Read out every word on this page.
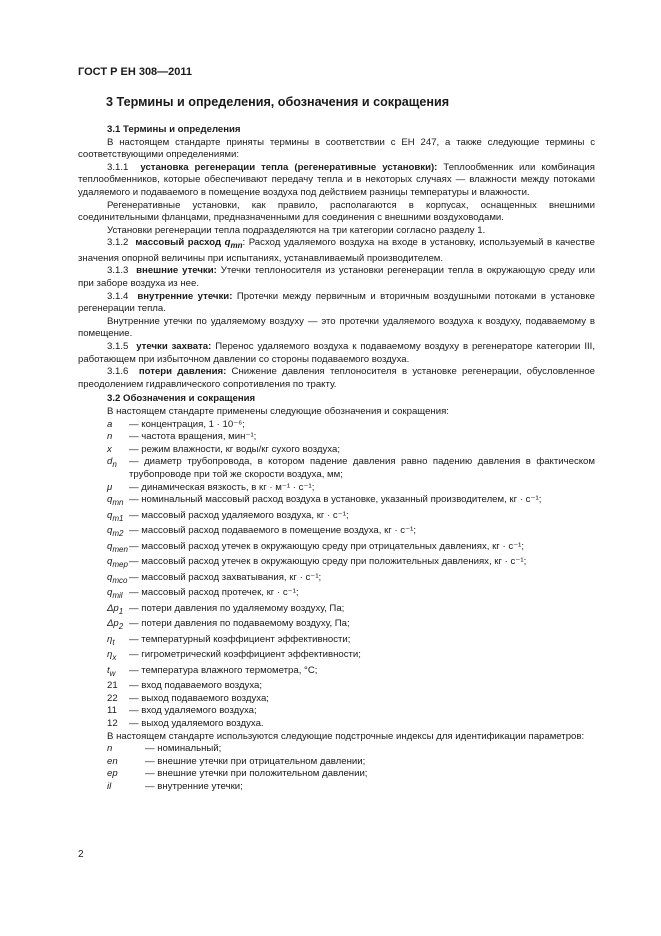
ГОСТ Р ЕН 308—2011
3 Термины и определения, обозначения и сокращения
3.1 Термины и определения

В настоящем стандарте приняты термины в соответствии с ЕН 247, а также следующие термины с соответствующими определениями:

3.1.1 установка регенерации тепла (регенеративные установки): Теплообменник или комбинация теплообменников, которые обеспечивают передачу тепла и в некоторых случаях — влажности между потоками удаляемого и подаваемого в помещение воздуха под действием разницы температуры и влажности.

Регенеративные установки, как правило, располагаются в корпусах, оснащенных внешними соединительными фланцами, предназначенными для соединения с внешними воздуховодами.

Установки регенерации тепла подразделяются на три категории согласно разделу 1.

3.1.2 массовый расход $q_{mn}$: Расход удаляемого воздуха на входе в установку, используемый в качестве значения опорной величины при испытаниях, устанавливаемый производителем.

3.1.3 внешние утечки: Утечки теплоносителя из установки регенерации тепла в окружающую среду или при заборе воздуха из нее.

3.1.4 внутренние утечки: Протечки между первичным и вторичным воздушными потоками в установке регенерации тепла.

Внутренние утечки по удаляемому воздуху — это протечки удаляемого воздуха к воздуху, подаваемому в помещение.

3.1.5 утечки захвата: Перенос удаляемого воздуха к подаваемому воздуху в регенераторе категории III, работающем при избыточном давлении со стороны подаваемого воздуха.

3.1.6 потери давления: Снижение давления теплоносителя в установке регенерации, обусловленное преодолением гидравлического сопротивления по тракту.

3.2 Обозначения и сокращения

В настоящем стандарте применены следующие обозначения и сокращения:

a	— концентрация, 1 · 10⁻⁶;
n	— частота вращения, мин⁻¹;
x	— режим влажности, кг воды/кг сухого воздуха;
$d_n$	— диаметр трубопровода, в котором падение давления равно падению давления в фактическом трубопроводе при той же скорости воздуха, мм;
μ	— динамическая вязкость, в кг · м⁻¹ · с⁻¹;
$q_{mn}$ — номинальный массовый расход воздуха в установке, указанный производителем, кг · с⁻¹;
$q_{m1}$ — массовый расход удаляемого воздуха, кг · с⁻¹;
$q_{m2}$ — массовый расход подаваемого в помещение воздуха, кг · с⁻¹;
$q_{men}$ — массовый расход утечек в окружающую среду при отрицательных давлениях, кг · с⁻¹;
$q_{mep}$ — массовый расход утечек в окружающую среду при положительных давлениях, кг · с⁻¹;
$q_{mco}$ — массовый расход захватывания, кг · с⁻¹;
$q_{mil}$ — массовый расход протечек, кг · с⁻¹;
$\Delta p_1$ — потери давления по удаляемому воздуху, Па;
$\Delta p_2$ — потери давления по подаваемому воздуху, Па;
$\eta_t$	— температурный коэффициент эффективности;
$\eta_x$	— гигрометрический коэффициент эффективности;
$t_w$	— температура влажного термометра, °С;
21	— вход подаваемого воздуха;
22	— выход подаваемого воздуха;
11	— вход удаляемого воздуха;
12	— выход удаляемого воздуха.

В настоящем стандарте используются следующие подстрочные индексы для идентификации параметров:

n	— номинальный;
en	— внешние утечки при отрицательном давлении;
ep	— внешние утечки при положительном давлении;
il	— внутренние утечки;
2
